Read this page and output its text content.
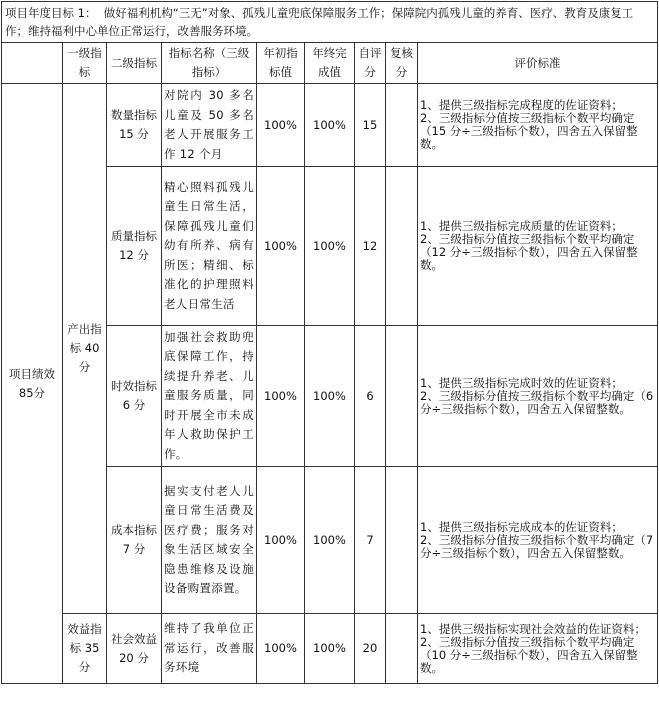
项目年度目标 1： 做好福利机构“三无”对象、孤残儿童兜底保障服务工作；保障院内孤残儿童的养育、医疗、教育及康复工作；维持福利中心单位正常运行，改善服务环境。								
	一级指标	二级指标	指标名称（三级指标）	年初指标值	年终完成值	自评分	复核分	评价标准
项目绩效85分	产出指标 40 分	数量指标15 分	对院内 30 多名儿童及 50 多名老人开展服务工作 12 个月	100%	100%	15		1、提供三级指标完成程度的佐证资料；
2、三级指标分值按三级指标个数平均确定（15 分÷三级指标个数），四舍五入保留整数。

		质量指标12 分	精心照料孤残儿童生日常生活，保障孤残儿童们幼有所养、病有所医；精细、标准化的护理照料老人日常生活	100%	100%	12		1、提供三级指标完成质量的佐证资料；
2、三级指标分值按三级指标个数平均确定（12 分÷三级指标个数），四舍五入保留整数。

		时效指标6 分	加强社会救助兜底保障工作，持续提升养老、儿童服务质量，同时开展全市未成年人救助保护工作。	100%	100%	6		1、提供三级指标完成时效的佐证资料；
2、三级指标分值按三级指标个数平均确定（6 分÷三级指标个数），四舍五入保留整数。

		成本指标7 分	据实支付老人儿童日常生活费及医疗费；服务对象生活区域安全隐患维修及设施设备购置添置。	100%	100%	7		1、提供三级指标完成成本的佐证资料；
2、三级指标分值按三级指标个数平均确定（7 分÷三级指标个数），四舍五入保留整数。

	效益指标 35 分	社会效益20 分	维持了我单位正常运行，改善服务环境	100%	100%	20		1、提供三级指标实现社会效益的佐证资料；
2、三级指标分值按三级指标个数平均确定（10 分÷三级指标个数），四舍五入保留整数。
